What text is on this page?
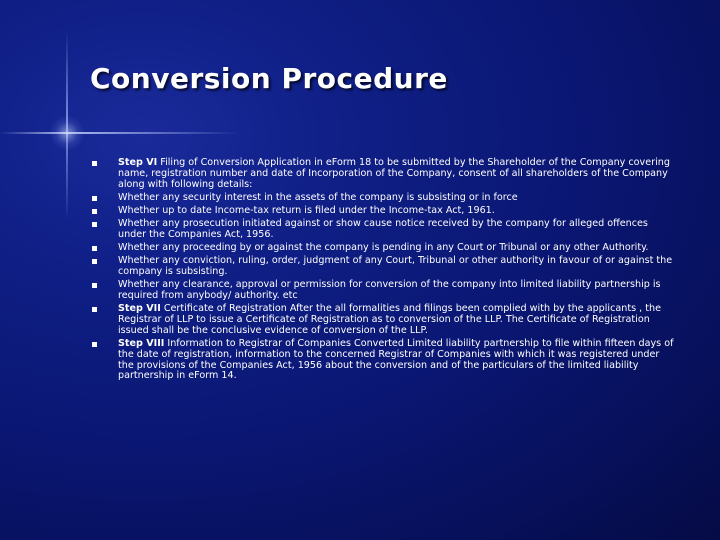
Conversion Procedure
Step VI Filing of Conversion Application in eForm 18 to be submitted by the Shareholder of the Company covering name, registration number and date of Incorporation of the Company, consent of all shareholders of the Company along with following details:
Whether any security interest in the assets of the company is subsisting or in force
Whether up to date Income-tax return is filed under the Income-tax Act, 1961.
Whether any prosecution initiated against or show cause notice received by the company for alleged offences under the Companies Act, 1956.
Whether any proceeding by or against the company is pending in any Court or Tribunal or any other Authority.
Whether any conviction, ruling, order, judgment of any Court, Tribunal or other authority in favour of or against the company is subsisting.
Whether any clearance, approval or permission for conversion of the company into limited liability partnership is required from anybody/ authority. etc
Step VII Certificate of Registration After the all formalities and filings been complied with by the applicants , the Registrar of LLP to issue a Certificate of Registration as to conversion of the LLP. The Certificate of Registration issued shall be the conclusive evidence of conversion of the LLP.
Step VIII Information to Registrar of Companies Converted Limited liability partnership to file within fifteen days of the date of registration, information to the concerned Registrar of Companies with which it was registered under the provisions of the Companies Act, 1956 about the conversion and of the particulars of the limited liability partnership in eForm 14.
